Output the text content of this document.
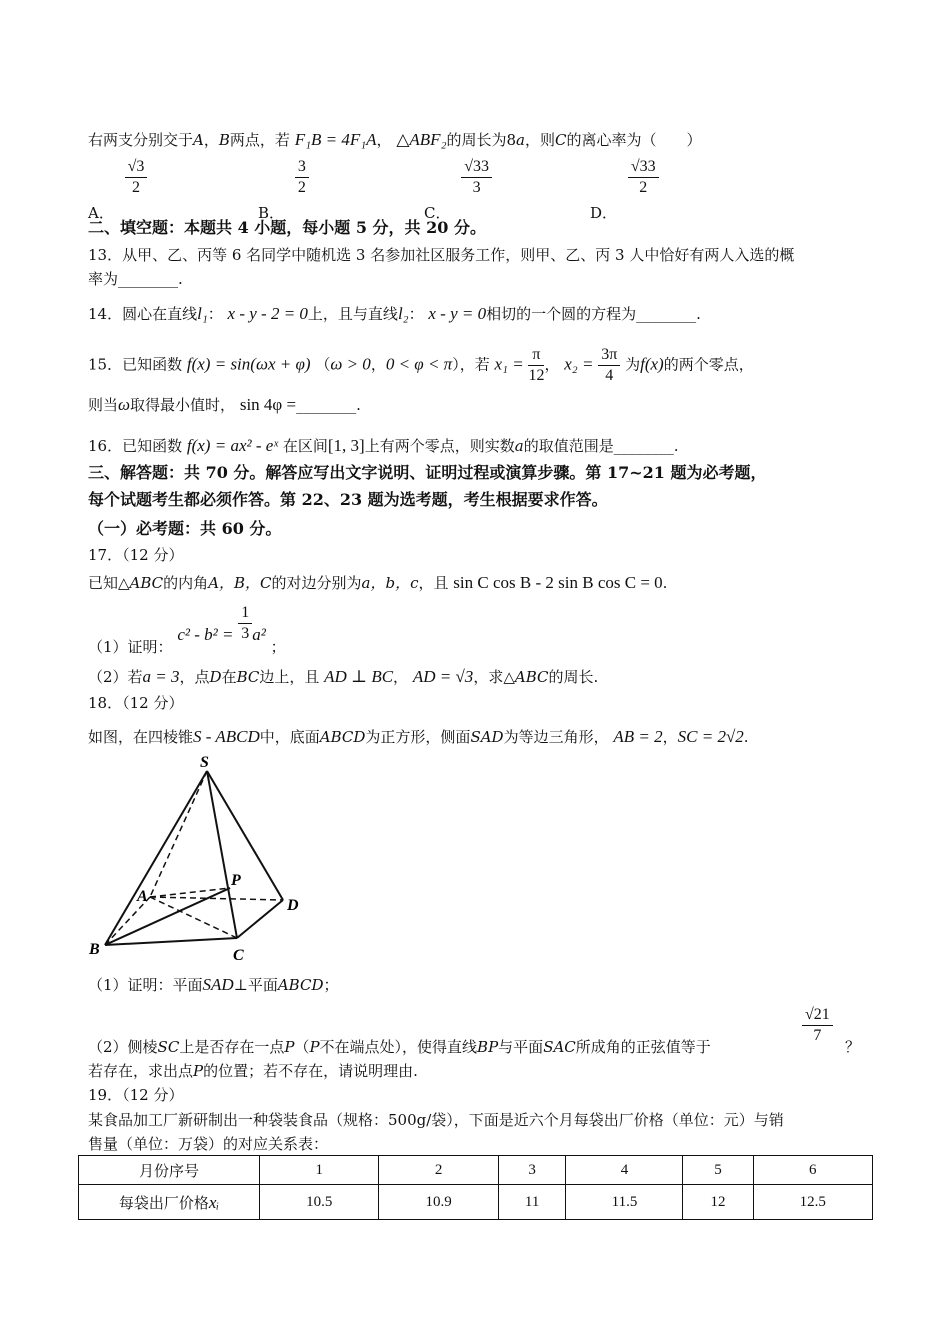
右两支分别交于A，B两点，若 F₁B = 4F₁A， △ABF₂的周长为8a，则C的离心率为（　　）
A．
$\frac{√3}{2}$
B．
$\frac{3}{2}$
C．
$\frac{√33}{3}$
D．
$\frac{√33}{2}$
二、填空题：本题共 4 小题，每小题 5 分，共 20 分。
13．从甲、乙、丙等 6 名同学中随机选 3 名参加社区服务工作，则甲、乙、丙 3 人中恰好有两人入选的概
率为________.
14．圆心在直线l₁： x - y - 2 = 0上，且与直线l₂： x - y = 0相切的一个圆的方程为________.
15．已知函数 f(x) = sin(ωx + φ) （ω > 0，0 < φ < π），若 $x_1 = \frac{\pi}{12}$ ， $x_2 = \frac{3\pi}{4}$ 为f(x)的两个零点，
则当ω取得最小值时， sin 4φ =________.
16．已知函数 f(x) = ax² - eˣ 在区间[1, 3]上有两个零点，则实数a的取值范围是________.
三、解答题：共 70 分。解答应写出文字说明、证明过程或演算步骤。第 17~21 题为必考题，
每个试题考生都必须作答。第 22、23 题为选考题，考生根据要求作答。
（一）必考题：共 60 分。
17．（12 分）
已知△ABC的内角A，B，C的对边分别为a，b，c，且 sin C cos B - 2 sin B cos C = 0.
（1）证明： $c^2 - b^2 = \frac{1}{3} a^2$ ；
（2）若a = 3，点D在BC边上，且 AD ⊥ BC， AD = √3，求△ABC的周长.
18．（12 分）
如图，在四棱锥S - ABCD中，底面ABCD为正方形，侧面SAD为等边三角形， AB = 2，SC = 2√2.
S
A
B	C
D
P
（1）证明：平面SAD⊥平面ABCD；
$\frac{√21}{7}$
（2）侧棱SC上是否存在一点P（P不在端点处），使得直线BP与平面SAC所成角的正弦值等于	？
若存在，求出点P的位置；若不存在，请说明理由.
19．（12 分）
某食品加工厂新研制出一种袋装食品（规格：500g/袋），下面是近六个月每袋出厂价格（单位：元）与销
售量（单位：万袋）的对应关系表：
月份序号	1	2	3	4	5	6
每袋出厂价格xᵢ	10.5	10.9	11	11.5	12	12.5
